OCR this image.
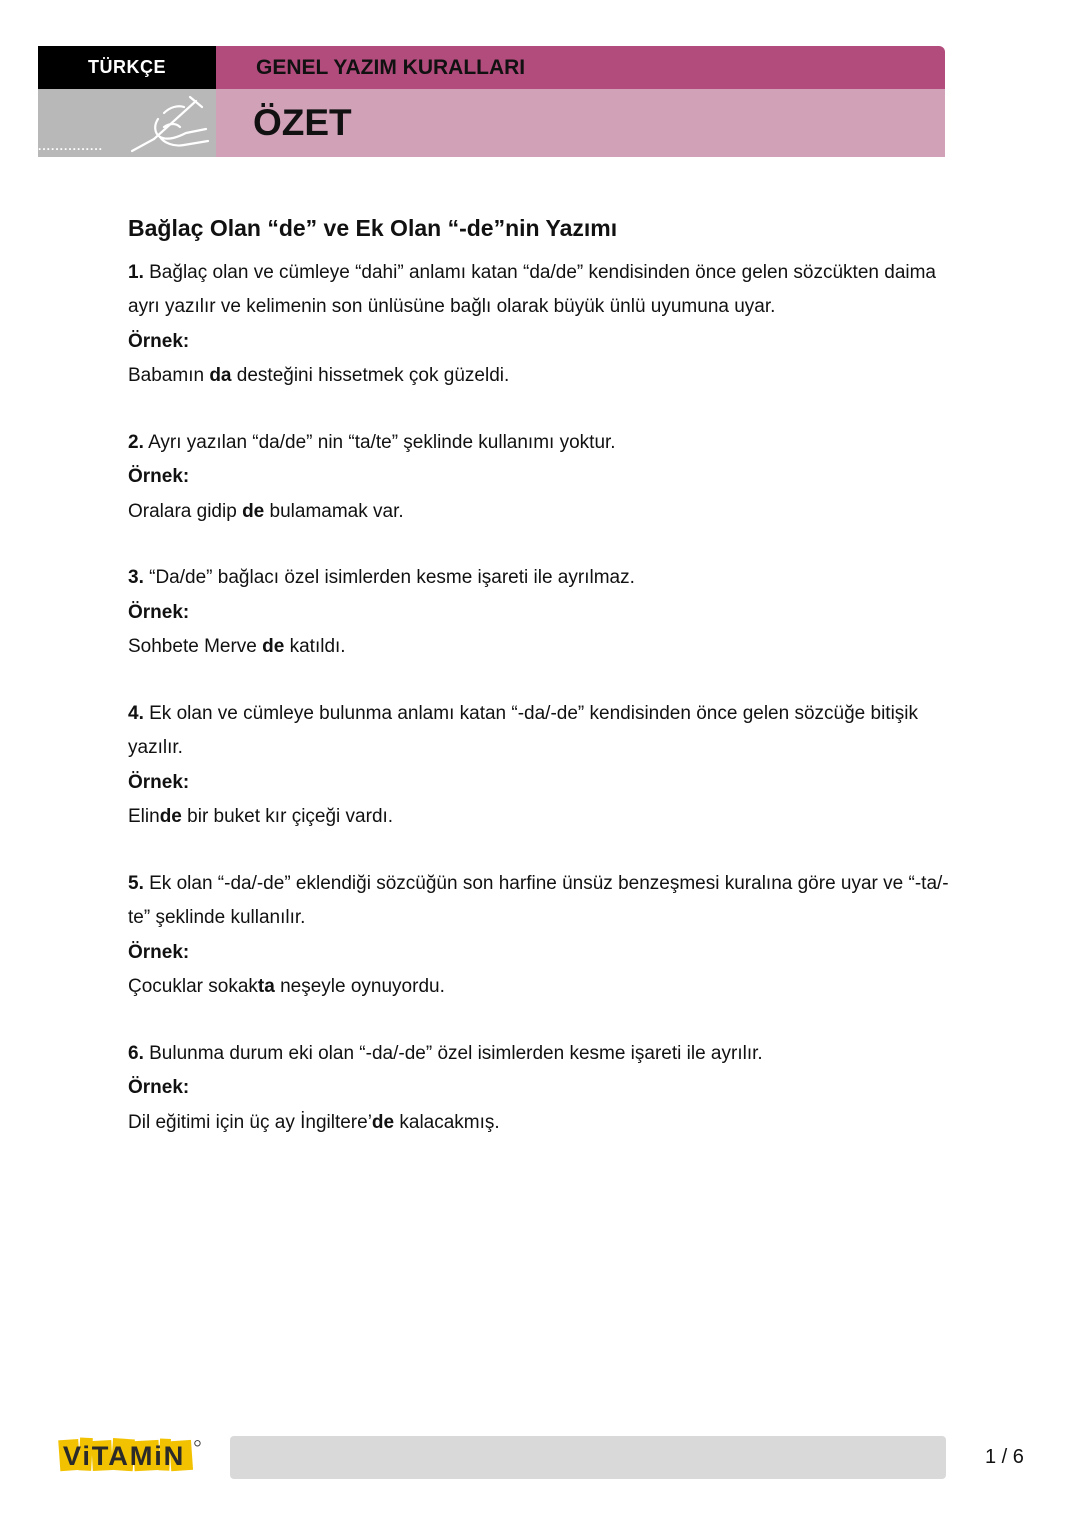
TÜRKÇE	GENEL YAZIM KURALLARI
...............
ÖZET
Bağlaç Olan “de” ve Ek Olan “-de”nin Yazımı

1. Bağlaç olan ve cümleye “dahi” anlamı katan “da/de” kendisinden önce gelen sözcükten daima ayrı yazılır ve kelimenin son ünlüsüne bağlı olarak büyük ünlü uyumuna uyar.

Örnek:

Babamın da desteğini hissetmek çok güzeldi.

2. Ayrı yazılan “da/de” nin “ta/te” şeklinde kullanımı yoktur.

Örnek:

Oralara gidip de bulamamak var.

3. “Da/de” bağlacı özel isimlerden kesme işareti ile ayrılmaz.

Örnek:

Sohbete Merve de katıldı.

4. Ek olan ve cümleye bulunma anlamı katan “-da/-de” kendisinden önce gelen sözcüğe bitişik yazılır.

Örnek:

Elinde bir buket kır çiçeği vardı.

5. Ek olan “-da/-de” eklendiği sözcüğün son harfine ünsüz benzeşmesi kuralına göre uyar ve “-ta/-te” şeklinde kullanılır.

Örnek:

Çocuklar sokakta neşeyle oynuyordu.

6. Bulunma durum eki olan “-da/-de” özel isimlerden kesme işareti ile ayrılır.

Örnek:

Dil eğitimi için üç ay İngiltere’de kalacakmış.

ViTAMiN	1 / 6
